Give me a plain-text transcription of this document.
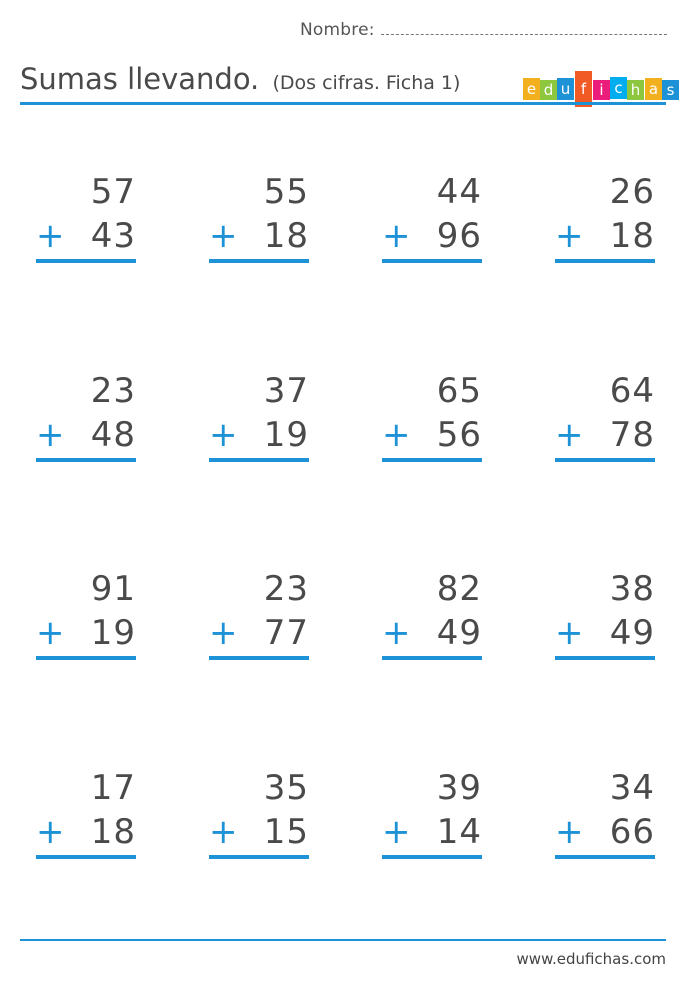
Nombre:
Sumas llevando. (Dos cifras. Ficha 1)	e d u f i c h a s
57
+ 43
55
+ 18
44
+ 96
26
+ 18
23
+ 48
37
+ 19
65
+ 56
64
+ 78
91
+ 19
23
+ 77
82
+ 49
38
+ 49
17
+ 18
35
+ 15
39
+ 14
34
+ 66
www.edufichas.com
